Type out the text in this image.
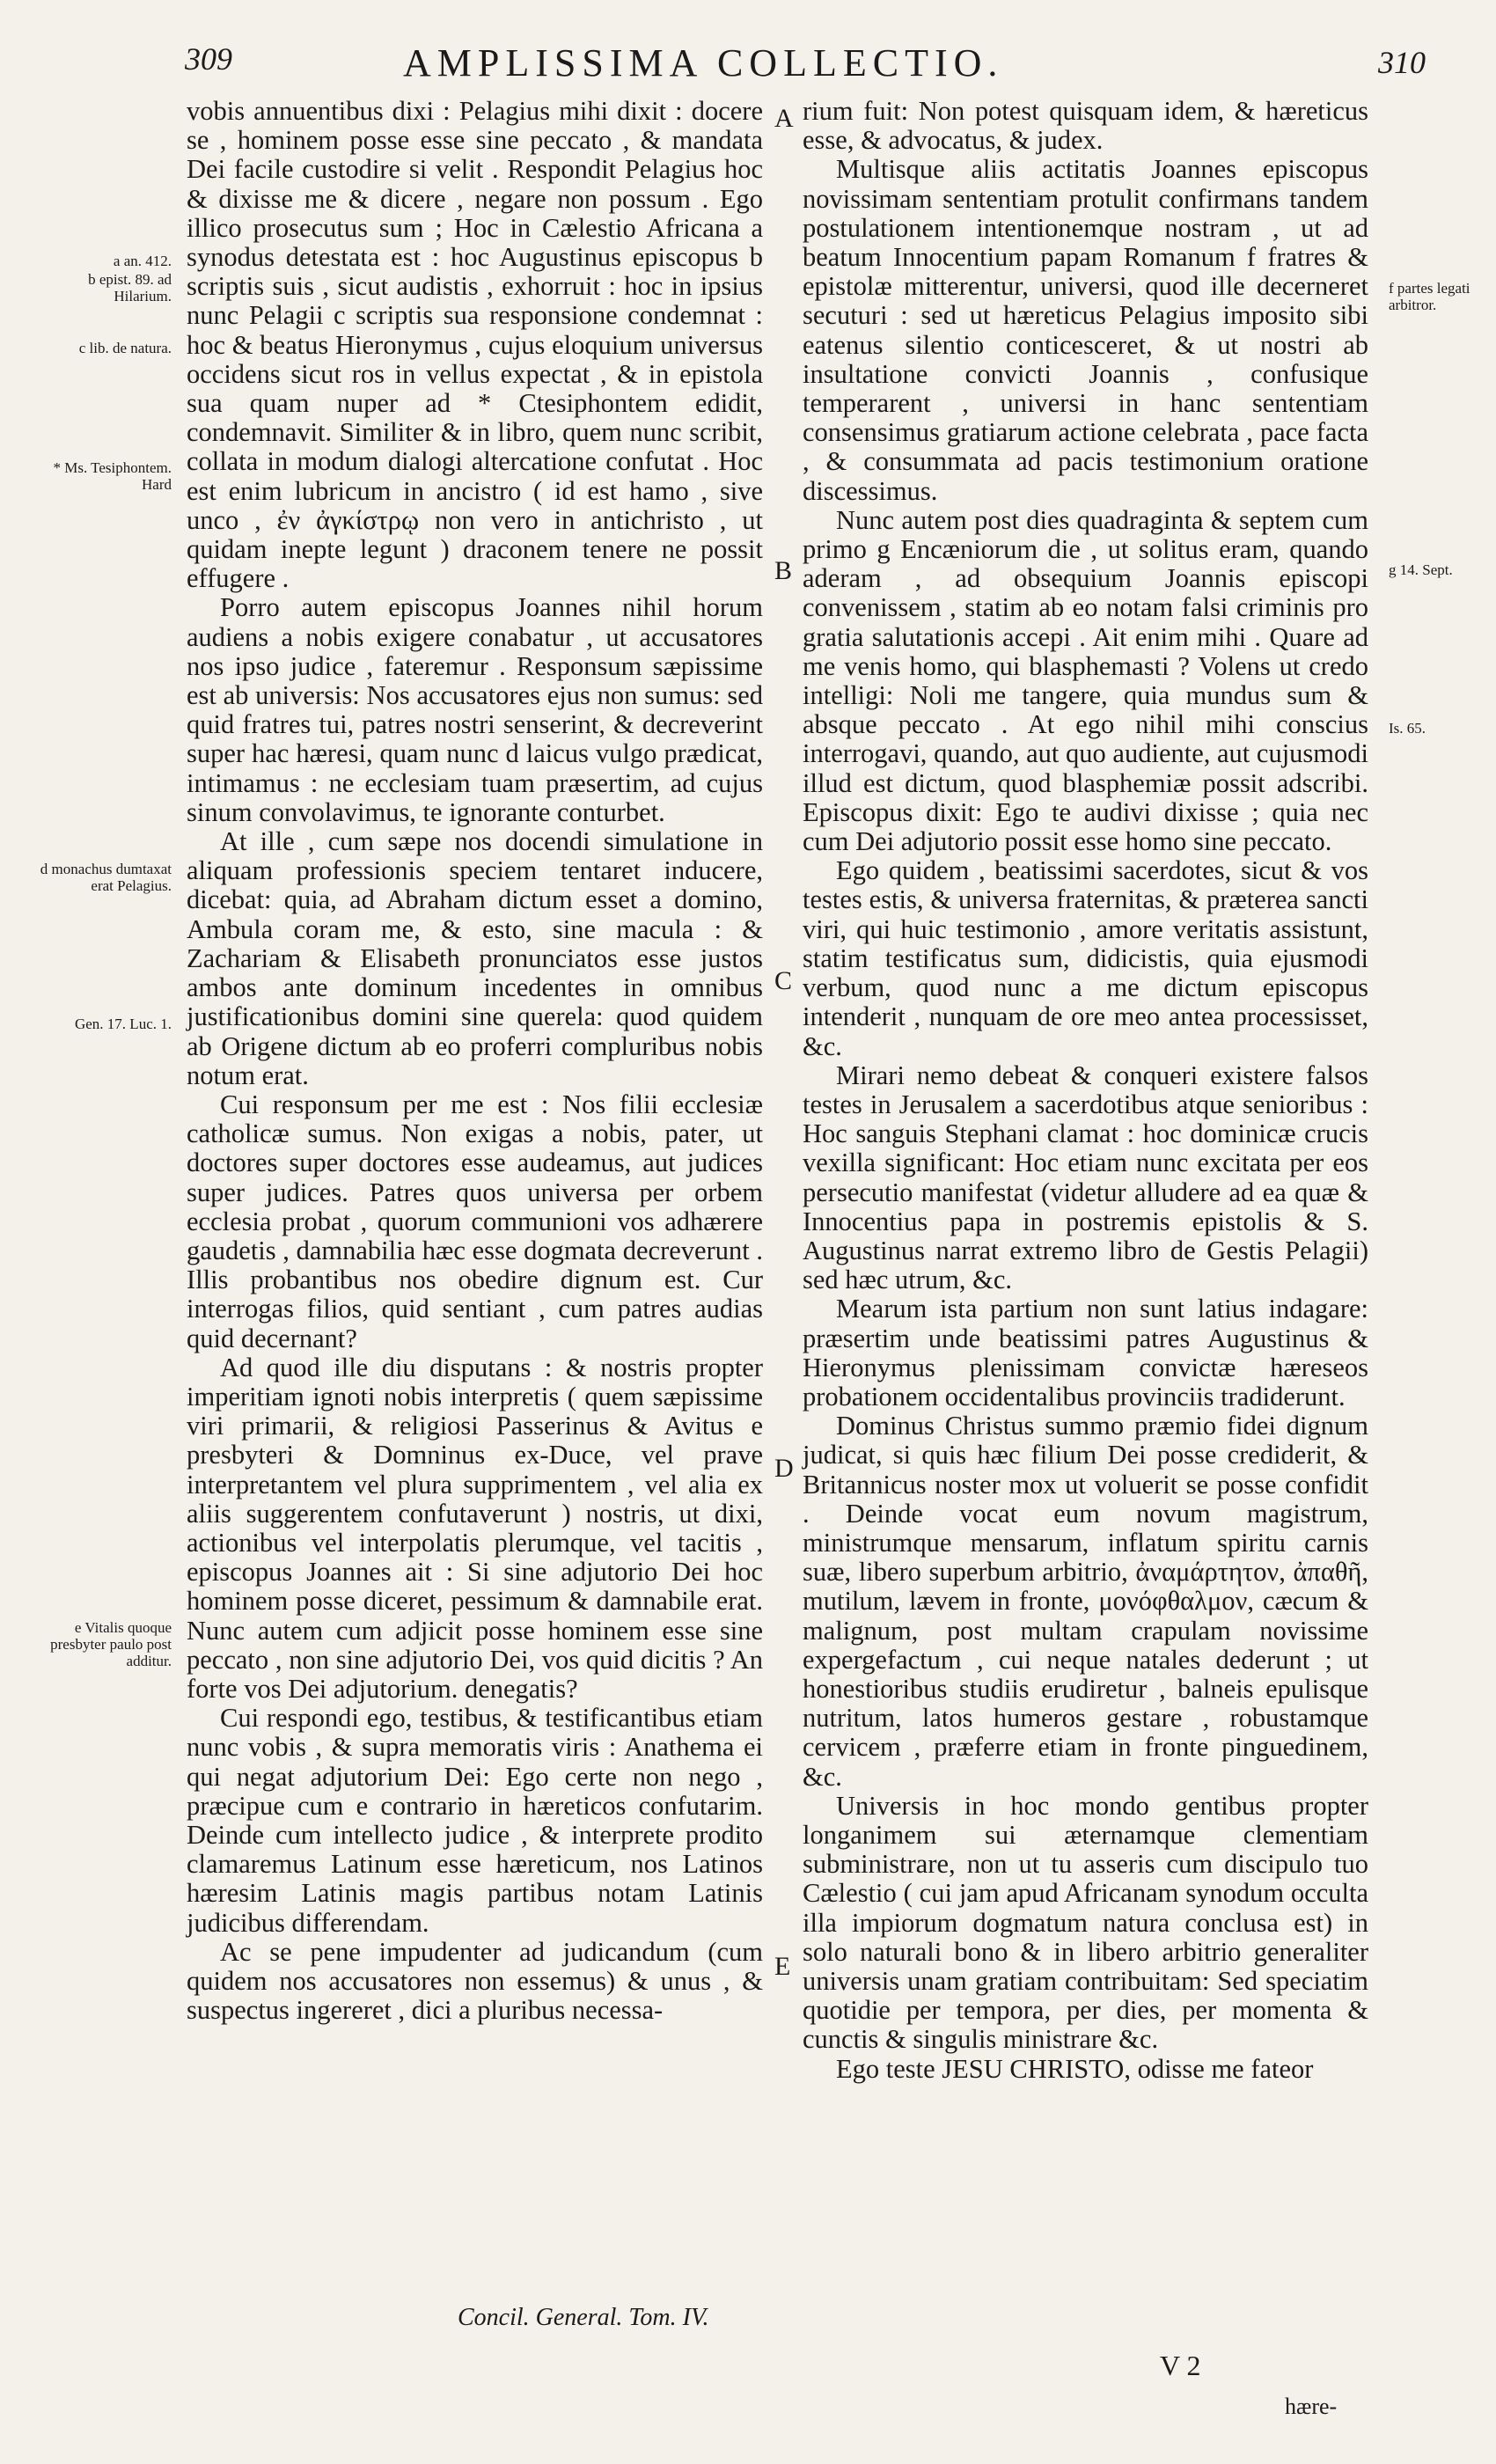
309	AMPLISSIMA COLLECTIO.	310
a an. 412.
b epist. 89. ad Hilarium.
c lib. de natura.
* Ms. Tesiphontem. Hard
d monachus dumtaxat erat Pelagius.
Gen. 17. Luc. 1.
e Vitalis quoque presbyter paulo post additur.
f partes legati arbitror.
g 14. Sept.
Is. 65.
A
B
C
D
E

vobis annuentibus dixi : Pelagius mihi dixit : docere se , hominem posse esse sine peccato , & mandata Dei facile custodire si velit . Respondit Pelagius hoc & dixisse me & dicere , negare non possum . Ego illico prosecutus sum ; Hoc in Cælestio Africana a synodus detestata est : hoc Augustinus episcopus b scriptis suis , sicut audistis , exhorruit : hoc in ipsius nunc Pelagii c scriptis sua responsione condemnat : hoc & beatus Hieronymus , cujus eloquium universus occidens sicut ros in vellus expectat , & in epistola sua quam nuper ad * Ctesiphontem edidit, condemnavit. Similiter & in libro, quem nunc scribit, collata in modum dialogi altercatione confutat . Hoc est enim lubricum in ancistro ( id est hamo , sive unco , ἐν ἀγκίστρῳ non vero in antichristo , ut quidam inepte legunt ) draconem tenere ne possit effugere .

Porro autem episcopus Joannes nihil horum audiens a nobis exigere conabatur , ut accusatores nos ipso judice , fateremur . Responsum sæpissime est ab universis: Nos accusatores ejus non sumus: sed quid fratres tui, patres nostri senserint, & decreverint super hac hæresi, quam nunc d laicus vulgo prædicat, intimamus : ne ecclesiam tuam præsertim, ad cujus sinum convolavimus, te ignorante conturbet.

At ille , cum sæpe nos docendi simulatione in aliquam professionis speciem tentaret inducere, dicebat: quia, ad Abraham dictum esset a domino, Ambula coram me, & esto, sine macula : & Zachariam & Elisabeth pronunciatos esse justos ambos ante dominum incedentes in omnibus justificationibus domini sine querela: quod quidem ab Origene dictum ab eo proferri compluribus nobis notum erat.

Cui responsum per me est : Nos filii ecclesiæ catholicæ sumus. Non exigas a nobis, pater, ut doctores super doctores esse audeamus, aut judices super judices. Patres quos universa per orbem ecclesia probat , quorum communioni vos adhærere gaudetis , damnabilia hæc esse dogmata decreverunt . Illis probantibus nos obedire dignum est. Cur interrogas filios, quid sentiant , cum patres audias quid decernant?

Ad quod ille diu disputans : & nostris propter imperitiam ignoti nobis interpretis ( quem sæpissime viri primarii, & religiosi Passerinus & Avitus e presbyteri & Domninus ex-Duce, vel prave interpretantem vel plura supprimentem , vel alia ex aliis suggerentem confutaverunt ) nostris, ut dixi, actionibus vel interpolatis plerumque, vel tacitis , episcopus Joannes ait : Si sine adjutorio Dei hoc hominem posse diceret, pessimum & damnabile erat. Nunc autem cum adjicit posse hominem esse sine peccato , non sine adjutorio Dei, vos quid dicitis ? An forte vos Dei adjutorium. denegatis?

Cui respondi ego, testibus, & testificantibus etiam nunc vobis , & supra memoratis viris : Anathema ei qui negat adjutorium Dei: Ego certe non nego , præcipue cum e contrario in hæreticos confutarim. Deinde cum intellecto judice , & interprete prodito clamaremus Latinum esse hæreticum, nos Latinos hæresim Latinis magis partibus notam Latinis judicibus differendam.

Ac se pene impudenter ad judicandum (cum quidem nos accusatores non essemus) & unus , & suspectus ingereret , dici a pluribus necessa-

rium fuit: Non potest quisquam idem, & hæreticus esse, & advocatus, & judex.

Multisque aliis actitatis Joannes episcopus novissimam sententiam protulit confirmans tandem postulationem intentionemque nostram , ut ad beatum Innocentium papam Romanum f fratres & epistolæ mitterentur, universi, quod ille decerneret secuturi : sed ut hæreticus Pelagius imposito sibi eatenus silentio conticesceret, & ut nostri ab insultatione convicti Joannis , confusique temperarent , universi in hanc sententiam consensimus gratiarum actione celebrata , pace facta , & consummata ad pacis testimonium oratione discessimus.

Nunc autem post dies quadraginta & septem cum primo g Encæniorum die , ut solitus eram, quando aderam , ad obsequium Joannis episcopi convenissem , statim ab eo notam falsi criminis pro gratia salutationis accepi . Ait enim mihi . Quare ad me venis homo, qui blasphemasti ? Volens ut credo intelligi: Noli me tangere, quia mundus sum & absque peccato . At ego nihil mihi conscius interrogavi, quando, aut quo audiente, aut cujusmodi illud est dictum, quod blasphemiæ possit adscribi. Episcopus dixit: Ego te audivi dixisse ; quia nec cum Dei adjutorio possit esse homo sine peccato.

Ego quidem , beatissimi sacerdotes, sicut & vos testes estis, & universa fraternitas, & præterea sancti viri, qui huic testimonio , amore veritatis assistunt, statim testificatus sum, didicistis, quia ejusmodi verbum, quod nunc a me dictum episcopus intenderit , nunquam de ore meo antea processisset, &c.

Mirari nemo debeat & conqueri existere falsos testes in Jerusalem a sacerdotibus atque senioribus : Hoc sanguis Stephani clamat : hoc dominicæ crucis vexilla significant: Hoc etiam nunc excitata per eos persecutio manifestat (videtur alludere ad ea quæ & Innocentius papa in postremis epistolis & S. Augustinus narrat extremo libro de Gestis Pelagii) sed hæc utrum, &c.

Mearum ista partium non sunt latius indagare: præsertim unde beatissimi patres Augustinus & Hieronymus plenissimam convictæ hæreseos probationem occidentalibus provinciis tradiderunt.

Dominus Christus summo præmio fidei dignum judicat, si quis hæc filium Dei posse crediderit, & Britannicus noster mox ut voluerit se posse confidit . Deinde vocat eum novum magistrum, ministrumque mensarum, inflatum spiritu carnis suæ, libero superbum arbitrio, ἀναμάρτητον, ἀπαθῆ, mutilum, lævem in fronte, μονόφθαλμον, cæcum & malignum, post multam crapulam novissime expergefactum , cui neque natales dederunt ; ut honestioribus studiis erudiretur , balneis epulisque nutritum, latos humeros gestare , robustamque cervicem , præferre etiam in fronte pinguedinem, &c.

Universis in hoc mondo gentibus propter longanimem sui æternamque clementiam subministrare, non ut tu asseris cum discipulo tuo Cælestio ( cui jam apud Africanam synodum occulta illa impiorum dogmatum natura conclusa est) in solo naturali bono & in libero arbitrio generaliter universis unam gratiam contribuitam: Sed speciatim quotidie per tempora, per dies, per momenta & cunctis & singulis ministrare &c.

Ego teste JESU CHRISTO, odisse me fateor

Concil. General. Tom. IV.
V 2
hære-
